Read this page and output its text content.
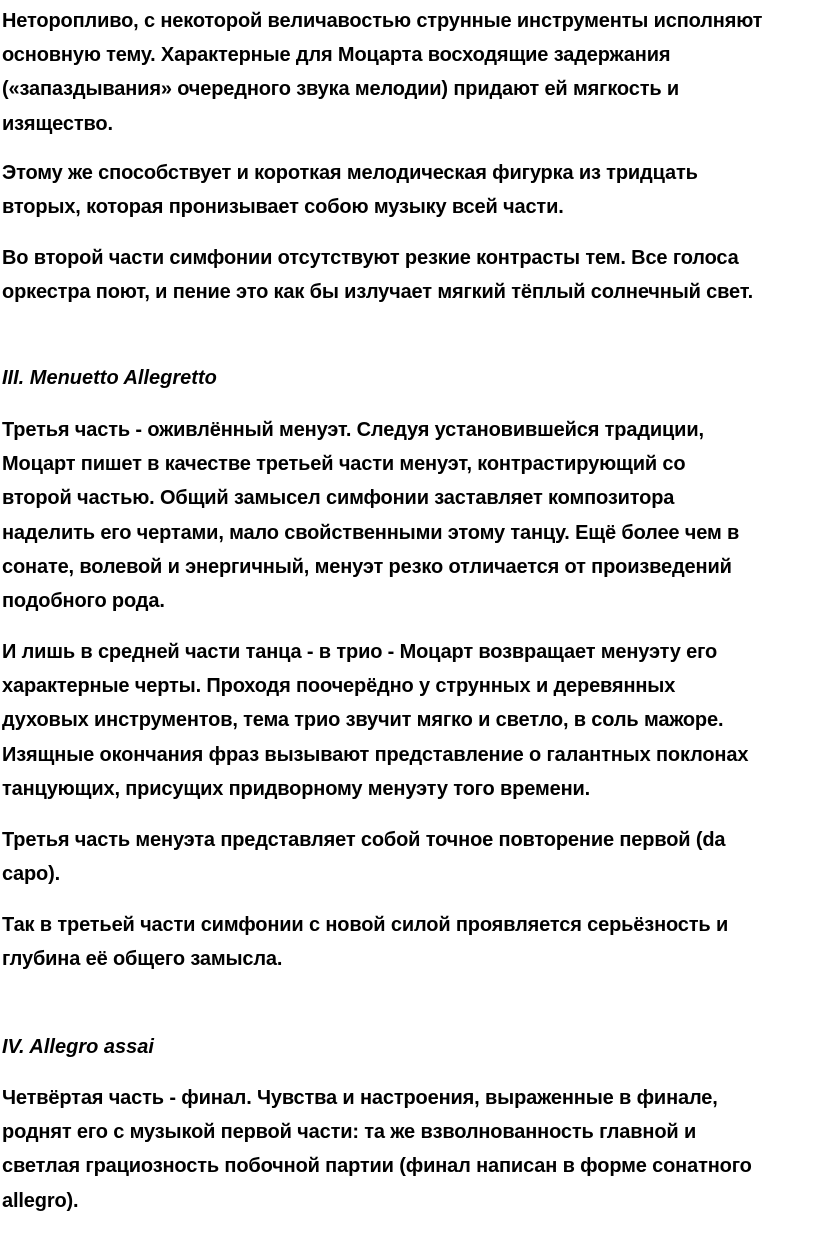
Неторопливо, с некоторой величавостью струнные инструменты исполняют
основную тему. Характерные для Моцарта восходящие задержания
(«запаздывания» очередного звука мелодии) придают ей мягкость и
изящество.

Этому же способствует и короткая мелодическая фигурка из тридцать
вторых, которая пронизывает собою музыку всей части.

Во второй части симфонии отсутствуют резкие контрасты тем. Все голоса
оркестра поют, и пение это как бы излучает мягкий тёплый солнечный свет.

III. Menuetto Allegretto

Третья часть - оживлённый менуэт. Следуя установившейся традиции,
Моцарт пишет в качестве третьей части менуэт, контрастирующий со
второй частью. Общий замысел симфонии заставляет композитора
наделить его чертами, мало свойственными этому танцу. Ещё более чем в
сонате, волевой и энергичный, менуэт резко отличается от произведений
подобного рода.

И лишь в средней части танца - в трио - Моцарт возвращает менуэту его
характерные черты. Проходя поочерёдно у струнных и деревянных
духовых инструментов, тема трио звучит мягко и светло, в соль мажоре.
Изящные окончания фраз вызывают представление о галантных поклонах
танцующих, присущих придворному менуэту того времени.

Третья часть менуэта представляет собой точное повторение первой (da
capo).

Так в третьей части симфонии с новой силой проявляется серьёзность и
глубина её общего замысла.

IV. Allegro assai

Четвёртая часть - финал. Чувства и настроения, выраженные в финале,
роднят его с музыкой первой части: та же взволнованность главной и
светлая грациозность побочной партии (финал написан в форме сонатного
allegro).
